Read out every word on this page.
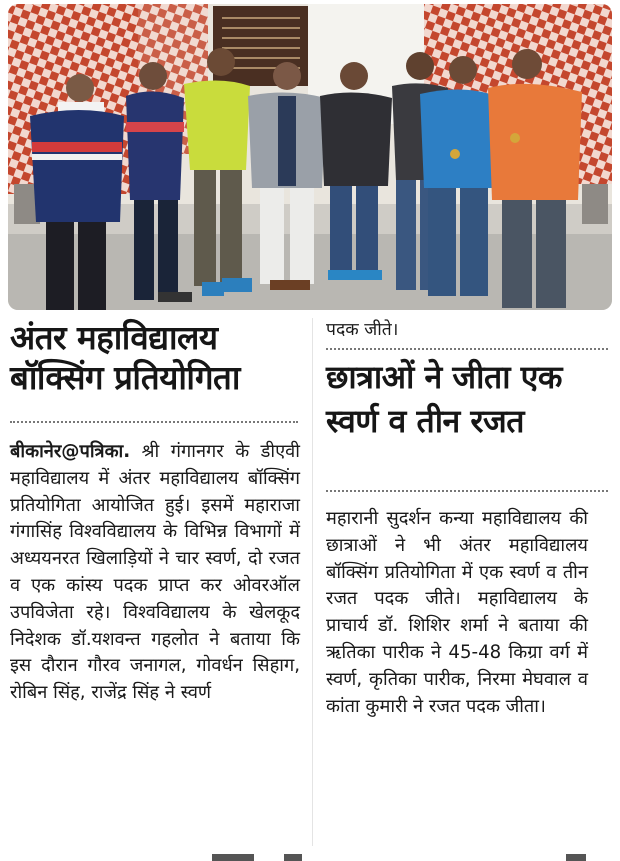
अंतर महाविद्यालय बॉक्सिंग प्रतियोगिता

बीकानेर@पत्रिका. श्री गंगानगर के डीएवी महाविद्यालय में अंतर महाविद्यालय बॉक्सिंग प्रतियोगिता आयोजित हुई। इसमें महाराजा गंगासिंह विश्वविद्यालय के विभिन्न विभागों में अध्ययनरत खिलाड़ियों ने चार स्वर्ण, दो रजत व एक कांस्य पदक प्राप्त कर ओवरऑल उपविजेता रहे। विश्वविद्यालय के खेलकूद निदेशक डॉ.यशवन्त गहलोत ने बताया कि इस दौरान गौरव जनागल, गोवर्धन सिहाग, रोबिन सिंह, राजेंद्र सिंह ने स्वर्ण

पदक जीते।

छात्राओं ने जीता एक स्वर्ण व तीन रजत

महारानी सुदर्शन कन्या महाविद्यालय की छात्राओं ने भी अंतर महाविद्यालय बॉक्सिंग प्रतियोगिता में एक स्वर्ण व तीन रजत पदक जीते। महाविद्यालय के प्राचार्य डॉ. शिशिर शर्मा ने बताया की ऋतिका पारीक ने 45-48 किग्रा वर्ग में स्वर्ण, कृतिका पारीक, निरमा मेघवाल व कांता कुमारी ने रजत पदक जीता।
